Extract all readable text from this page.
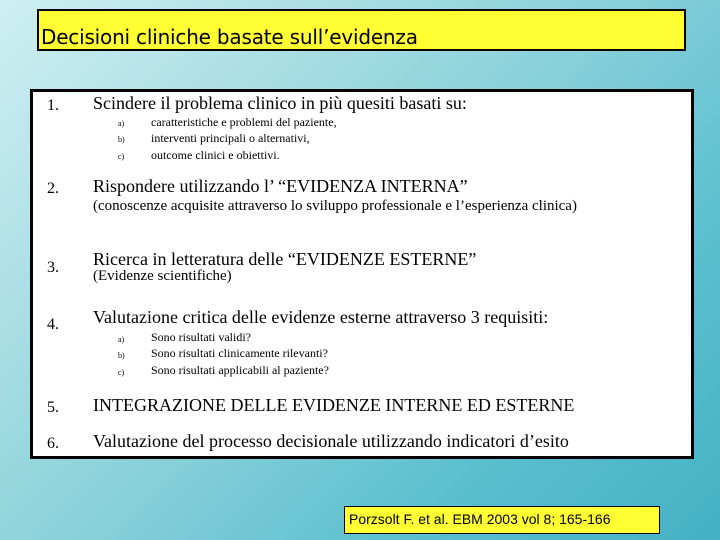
Decisioni cliniche basate sull’evidenza
1. Scindere il problema clinico in più quesiti basati su:
a) caratteristiche e problemi del paziente,
b) interventi principali o alternativi,
c) outcome clinici e obiettivi.
2. Rispondere utilizzando l’ “EVIDENZA INTERNA”
(conoscenze acquisite attraverso lo sviluppo professionale e l’esperienza clinica)
3. Ricerca in letteratura delle “EVIDENZE ESTERNE”
(Evidenze scientifiche)
4. Valutazione critica delle evidenze esterne attraverso 3 requisiti:
a) Sono risultati validi?
b) Sono risultati clinicamente rilevanti?
c) Sono risultati applicabili al paziente?
5. INTEGRAZIONE DELLE EVIDENZE INTERNE ED ESTERNE
6. Valutazione del processo decisionale utilizzando indicatori d’esito
Porzsolt F. et al. EBM 2003 vol 8; 165-166
